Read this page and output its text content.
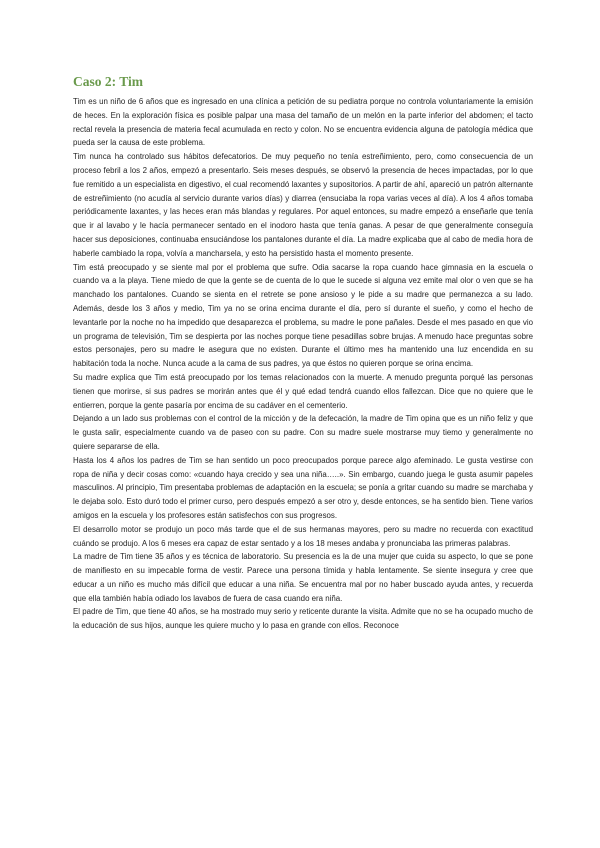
Caso 2: Tim

Tim es un niño de 6 años que es ingresado en una clínica a petición de su pediatra porque no controla voluntariamente la emisión de heces. En la exploración física es posible palpar una masa del tamaño de un melón en la parte inferior del abdomen; el tacto rectal revela la presencia de materia fecal acumulada en recto y colon. No se encuentra evidencia alguna de patología médica que pueda ser la causa de este problema.

Tim nunca ha controlado sus hábitos defecatorios. De muy pequeño no tenía estreñimiento, pero, como consecuencia de un proceso febril a los 2 años, empezó a presentarlo. Seis meses después, se observó la presencia de heces impactadas, por lo que fue remitido a un especialista en digestivo, el cual recomendó laxantes y supositorios. A partir de ahí, apareció un patrón alternante de estreñimiento (no acudía al servicio durante varios días) y diarrea (ensuciaba la ropa varias veces al día). A los 4 años tomaba periódicamente laxantes, y las heces eran más blandas y regulares. Por aquel entonces, su madre empezó a enseñarle que tenía que ir al lavabo y le hacía permanecer sentado en el inodoro hasta que tenía ganas. A pesar de que generalmente conseguía hacer sus deposiciones, continuaba ensuciándose los pantalones durante el día. La madre explicaba que al cabo de media hora de haberle cambiado la ropa, volvía a mancharsela, y esto ha persistido hasta el momento presente.

Tim está preocupado y se siente mal por el problema que sufre. Odia sacarse la ropa cuando hace gimnasia en la escuela o cuando va a la playa. Tiene miedo de que la gente se de cuenta de lo que le sucede si alguna vez emite mal olor o ven que se ha manchado los pantalones. Cuando se sienta en el retrete se pone ansioso y le pide a su madre que permanezca a su lado. Además, desde los 3 años y medio, Tim ya no se orina encima durante el día, pero sí durante el sueño, y como el hecho de levantarle por la noche no ha impedido que desaparezca el problema, su madre le pone pañales. Desde el mes pasado en que vio un programa de televisión, Tim se despierta por las noches porque tiene pesadillas sobre brujas. A menudo hace preguntas sobre estos personajes, pero su madre le asegura que no existen. Durante el último mes ha mantenido una luz encendida en su habitación toda la noche. Nunca acude a la cama de sus padres, ya que éstos no quieren porque se orina encima.

Su madre explica que Tim está preocupado por los temas relacionados con la muerte. A menudo pregunta porqué las personas tienen que morirse, si sus padres se morirán antes que él y qué edad tendrá cuando ellos fallezcan. Dice que no quiere que le entierren, porque la gente pasaría por encima de su cadáver en el cementerio.

Dejando a un lado sus problemas con el control de la micción y de la defecación, la madre de Tim opina que es un niño feliz y que le gusta salir, especialmente cuando va de paseo con su padre. Con su madre suele mostrarse muy tiemo y generalmente no quiere separarse de ella.

Hasta los 4 años los padres de Tim se han sentido un poco preocupados porque parece algo afeminado. Le gusta vestirse con ropa de niña y decir cosas como: «cuando haya crecido y sea una niña…..». Sin embargo, cuando juega le gusta asumir papeles masculinos. Al principio, Tim presentaba problemas de adaptación en la escuela; se ponía a gritar cuando su madre se marchaba y le dejaba solo. Esto duró todo el primer curso, pero después empezó a ser otro y, desde entonces, se ha sentido bien. Tiene varios amigos en la escuela y los profesores están satisfechos con sus progresos.

El desarrollo motor se produjo un poco más tarde que el de sus hermanas mayores, pero su madre no recuerda con exactitud cuándo se produjo. A los 6 meses era capaz de estar sentado y a los 18 meses andaba y pronunciaba las primeras palabras.

La madre de Tim tiene 35 años y es técnica de laboratorio. Su presencia es la de una mujer que cuida su aspecto, lo que se pone de manifiesto en su impecable forma de vestir. Parece una persona tímida y habla lentamente. Se siente insegura y cree que educar a un niño es mucho más difícil que educar a una niña. Se encuentra mal por no haber buscado ayuda antes, y recuerda que ella también había odiado los lavabos de fuera de casa cuando era niña.

El padre de Tim, que tiene 40 años, se ha mostrado muy serio y reticente durante la visita. Admite que no se ha ocupado mucho de la educación de sus hijos, aunque les quiere mucho y lo pasa en grande con ellos. Reconoce
